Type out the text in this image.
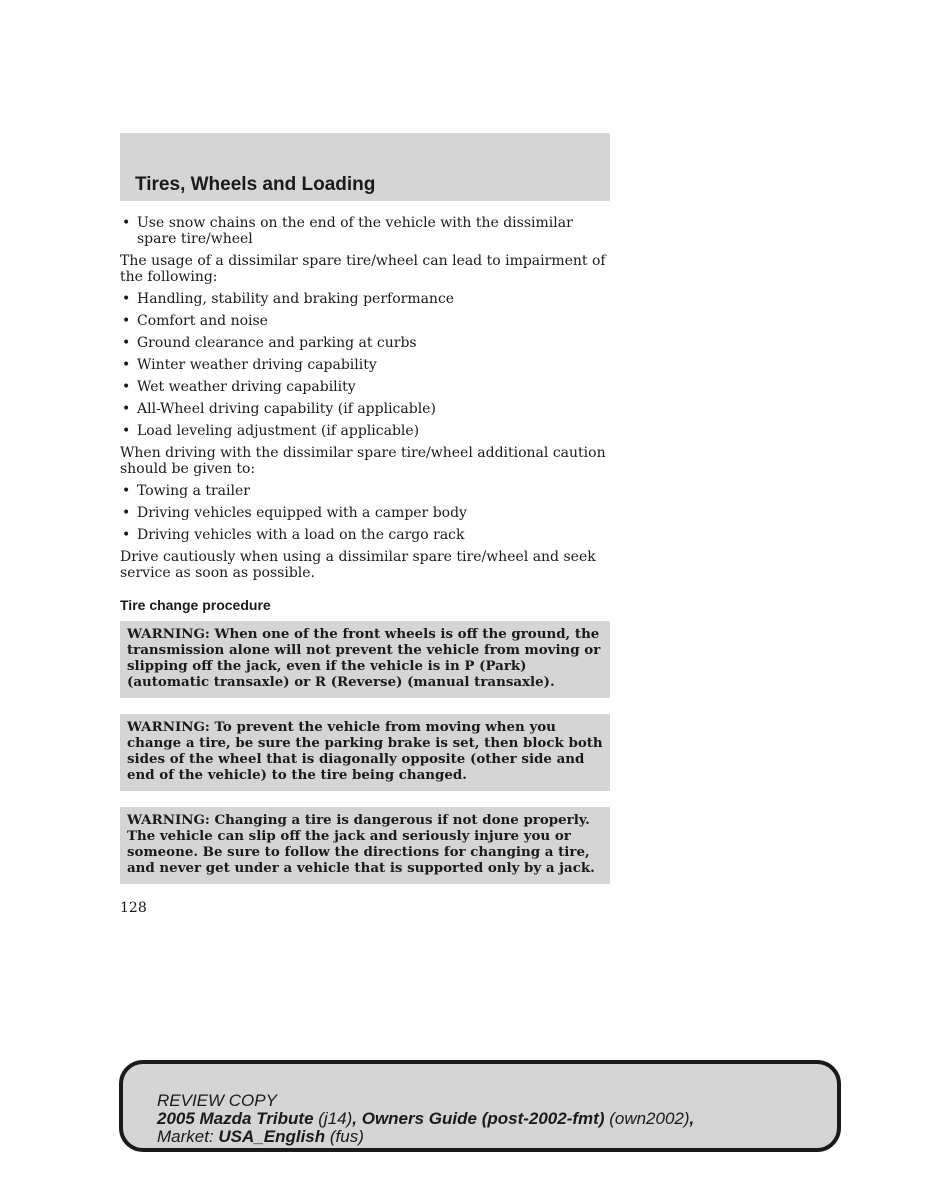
Tires, Wheels and Loading
• Use snow chains on the end of the vehicle with the dissimilar spare tire/wheel

The usage of a dissimilar spare tire/wheel can lead to impairment of the following:

• Handling, stability and braking performance
• Comfort and noise
• Ground clearance and parking at curbs
• Winter weather driving capability
• Wet weather driving capability
• All-Wheel driving capability (if applicable)
• Load leveling adjustment (if applicable)

When driving with the dissimilar spare tire/wheel additional caution should be given to:

• Towing a trailer
• Driving vehicles equipped with a camper body
• Driving vehicles with a load on the cargo rack

Drive cautiously when using a dissimilar spare tire/wheel and seek service as soon as possible.

Tire change procedure
WARNING: When one of the front wheels is off the ground, the transmission alone will not prevent the vehicle from moving or slipping off the jack, even if the vehicle is in P (Park) (automatic transaxle) or R (Reverse) (manual transaxle).
WARNING: To prevent the vehicle from moving when you change a tire, be sure the parking brake is set, then block both sides of the wheel that is diagonally opposite (other side and end of the vehicle) to the tire being changed.
WARNING: Changing a tire is dangerous if not done properly. The vehicle can slip off the jack and seriously injure you or someone. Be sure to follow the directions for changing a tire, and never get under a vehicle that is supported only by a jack.
128
REVIEW COPY
2005 Mazda Tribute (j14), Owners Guide (post-2002-fmt) (own2002),
Market: USA_English (fus)
